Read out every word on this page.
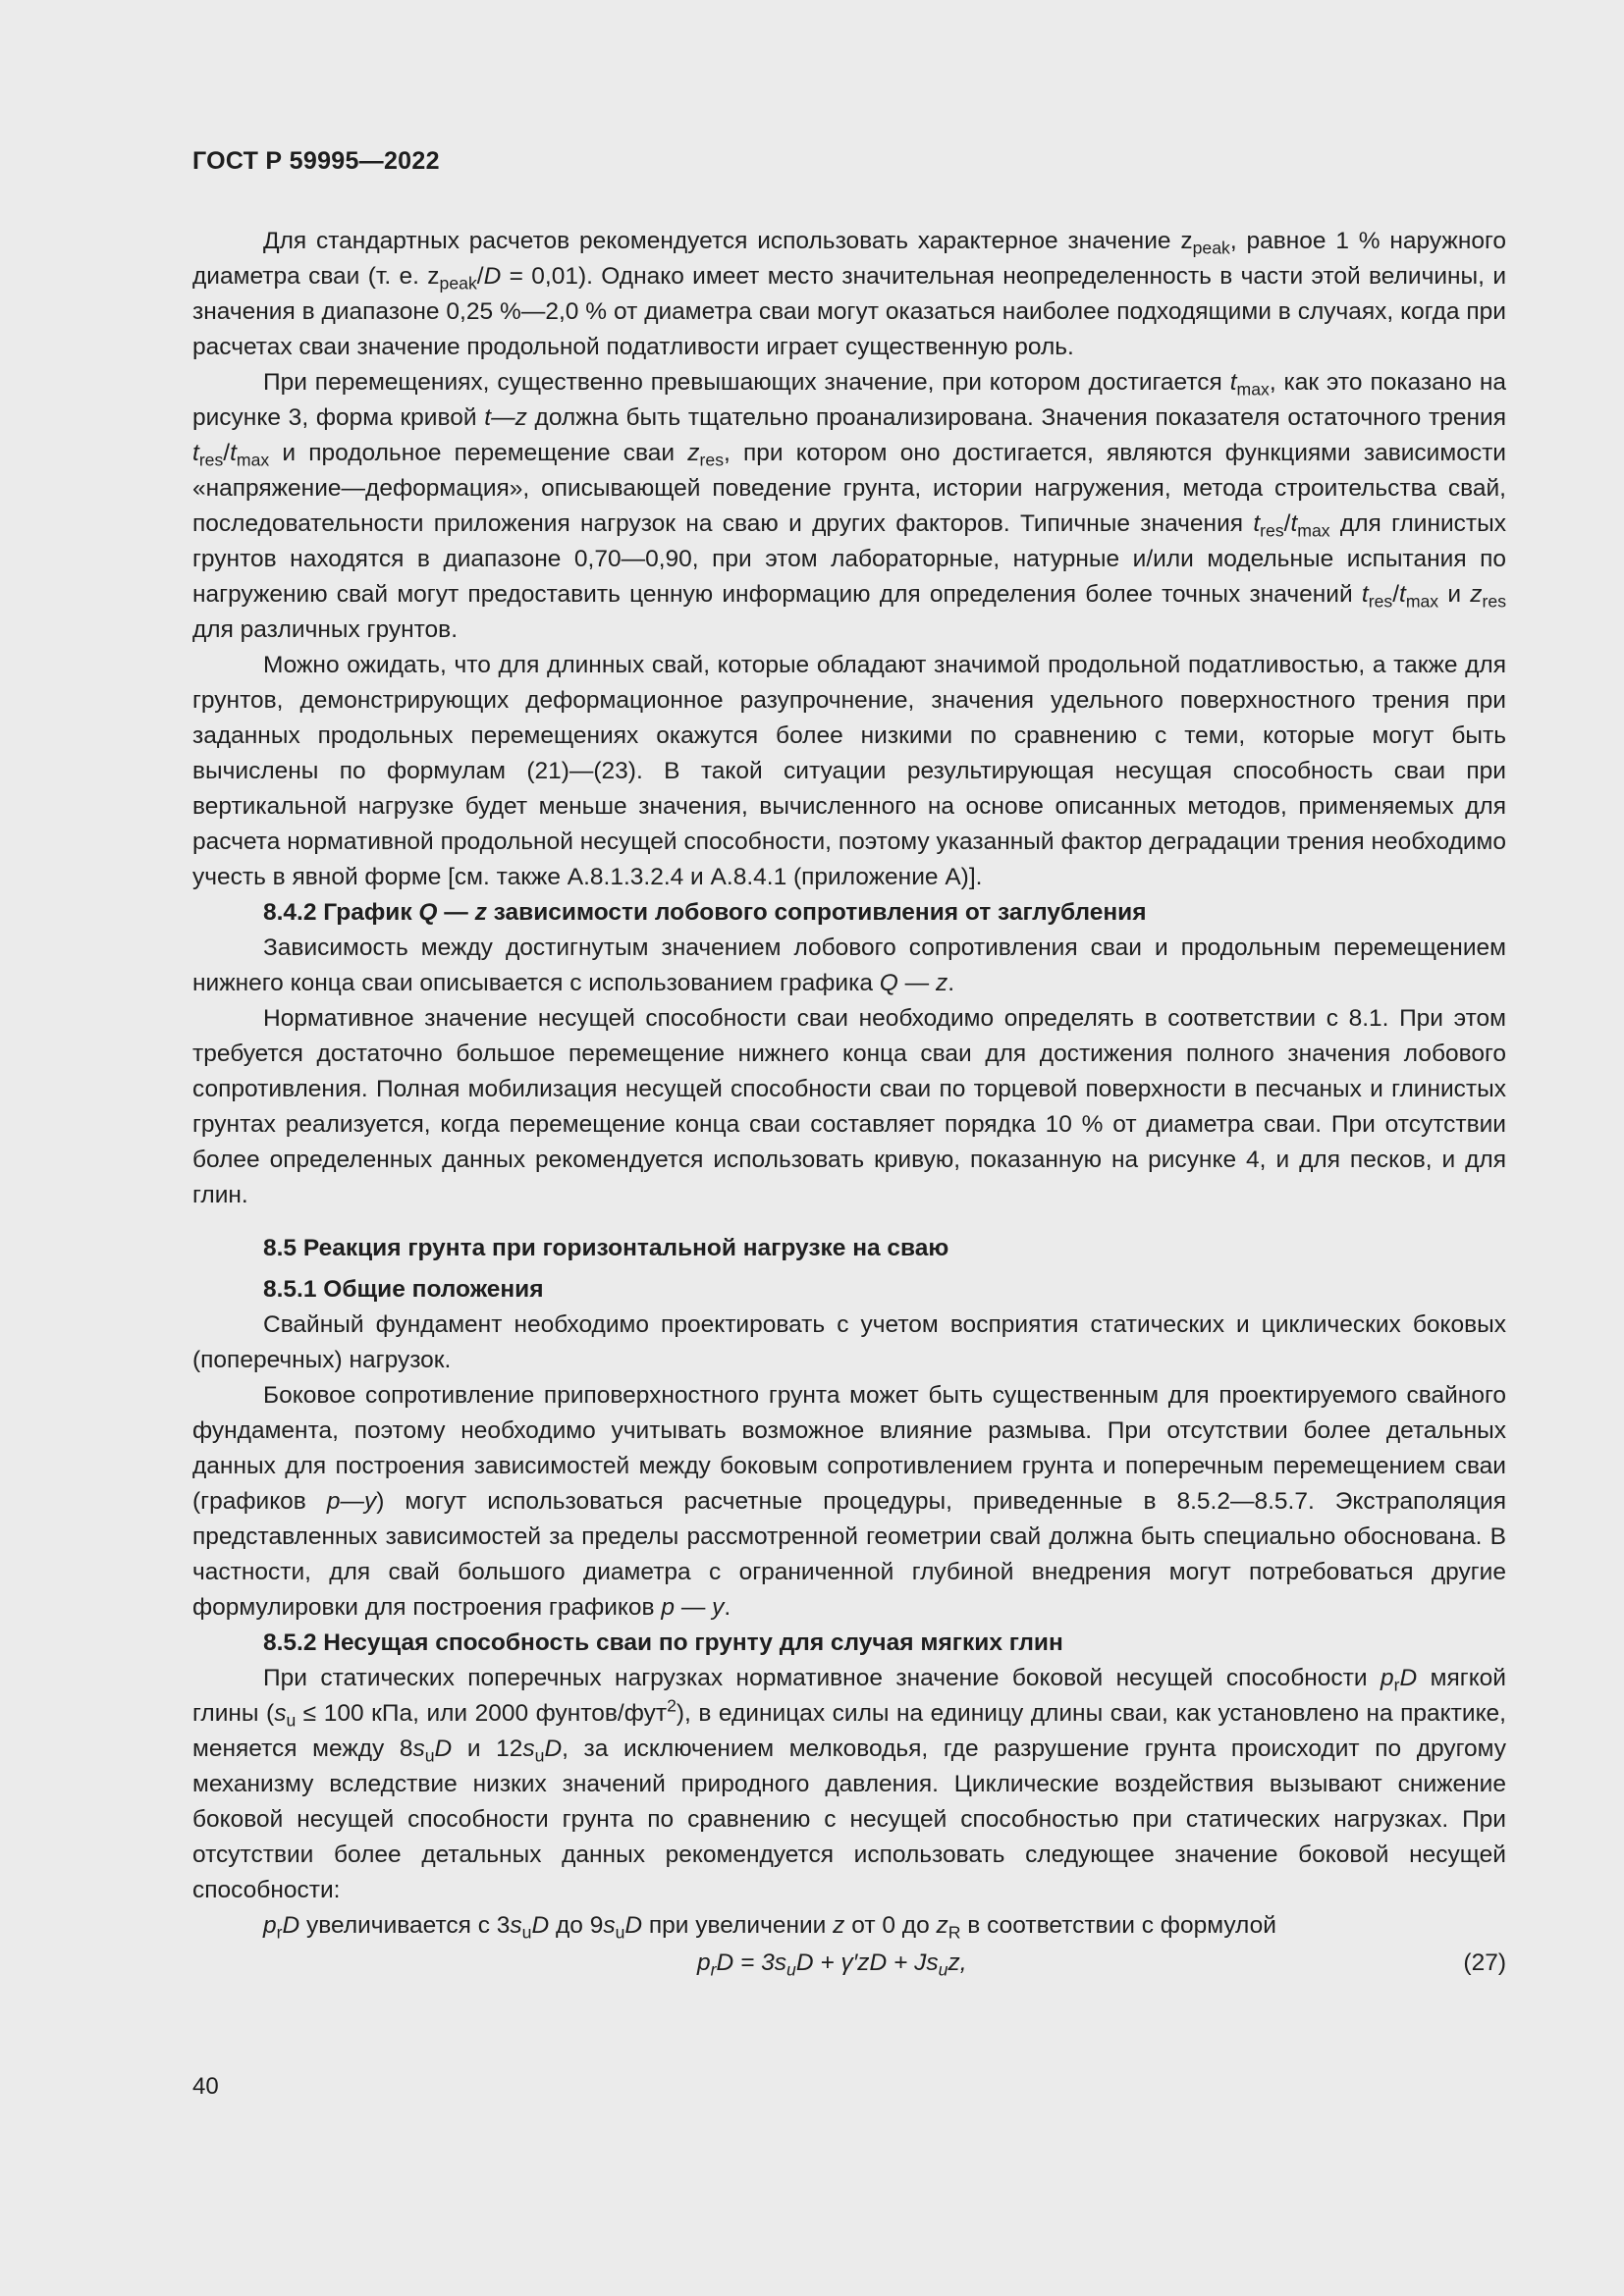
ГОСТ Р 59995—2022

Для стандартных расчетов рекомендуется использовать характерное значение $z_{peak}$, равное 1 % наружного диаметра сваи (т. е. $z_{peak}/D = 0,01$). Однако имеет место значительная неопределенность в части этой величины, и значения в диапазоне 0,25 %—2,0 % от диаметра сваи могут оказаться наиболее подходящими в случаях, когда при расчетах сваи значение продольной податливости играет существенную роль.

При перемещениях, существенно превышающих значение, при котором достигается $t_{max}$, как это показано на рисунке 3, форма кривой t—z должна быть тщательно проанализирована. Значения показателя остаточного трения $t_{res}/t_{max}$ и продольное перемещение сваи $z_{res}$, при котором оно достигается, являются функциями зависимости «напряжение—деформация», описывающей поведение грунта, истории нагружения, метода строительства свай, последовательности приложения нагрузок на сваю и других факторов. Типичные значения $t_{res}/t_{max}$ для глинистых грунтов находятся в диапазоне 0,70—0,90, при этом лабораторные, натурные и/или модельные испытания по нагружению свай могут предоставить ценную информацию для определения более точных значений $t_{res}/t_{max}$ и $z_{res}$ для различных грунтов.

Можно ожидать, что для длинных свай, которые обладают значимой продольной податливостью, а также для грунтов, демонстрирующих деформационное разупрочнение, значения удельного поверхностного трения при заданных продольных перемещениях окажутся более низкими по сравнению с теми, которые могут быть вычислены по формулам (21)—(23). В такой ситуации результирующая несущая способность сваи при вертикальной нагрузке будет меньше значения, вычисленного на основе описанных методов, применяемых для расчета нормативной продольной несущей способности, поэтому указанный фактор деградации трения необходимо учесть в явной форме [см. также А.8.1.3.2.4 и А.8.4.1 (приложение А)].

8.4.2 График Q — z зависимости лобового сопротивления от заглубления

Зависимость между достигнутым значением лобового сопротивления сваи и продольным перемещением нижнего конца сваи описывается с использованием графика Q — z.

Нормативное значение несущей способности сваи необходимо определять в соответствии с 8.1. При этом требуется достаточно большое перемещение нижнего конца сваи для достижения полного значения лобового сопротивления. Полная мобилизация несущей способности сваи по торцевой поверхности в песчаных и глинистых грунтах реализуется, когда перемещение конца сваи составляет порядка 10 % от диаметра сваи. При отсутствии более определенных данных рекомендуется использовать кривую, показанную на рисунке 4, и для песков, и для глин.

8.5 Реакция грунта при горизонтальной нагрузке на сваю
8.5.1 Общие положения

Свайный фундамент необходимо проектировать с учетом восприятия статических и циклических боковых (поперечных) нагрузок.

Боковое сопротивление приповерхностного грунта может быть существенным для проектируемого свайного фундамента, поэтому необходимо учитывать возможное влияние размыва. При отсутствии более детальных данных для построения зависимостей между боковым сопротивлением грунта и поперечным перемещением сваи (графиков p—y) могут использоваться расчетные процедуры, приведенные в 8.5.2—8.5.7. Экстраполяция представленных зависимостей за пределы рассмотренной геометрии свай должна быть специально обоснована. В частности, для свай большого диаметра с ограниченной глубиной внедрения могут потребоваться другие формулировки для построения графиков p — y.

8.5.2 Несущая способность сваи по грунту для случая мягких глин

При статических поперечных нагрузках нормативное значение боковой несущей способности $p_rD$ мягкой глины ($s_u \le 100$ кПа, или 2000 фунтов/фут$^2$), в единицах силы на единицу длины сваи, как установлено на практике, меняется между $8s_uD$ и $12s_uD$, за исключением мелководья, где разрушение грунта происходит по другому механизму вследствие низких значений природного давления. Циклические воздействия вызывают снижение боковой несущей способности грунта по сравнению с несущей способностью при статических нагрузках. При отсутствии более детальных данных рекомендуется использовать следующее значение боковой несущей способности:

$p_rD$ увеличивается с $3s_uD$ до $9s_uD$ при увеличении z от 0 до $z_R$ в соответствии с формулой

$p_rD = 3s_uD + \gamma'zD + Js_uz$,	(27)
40
